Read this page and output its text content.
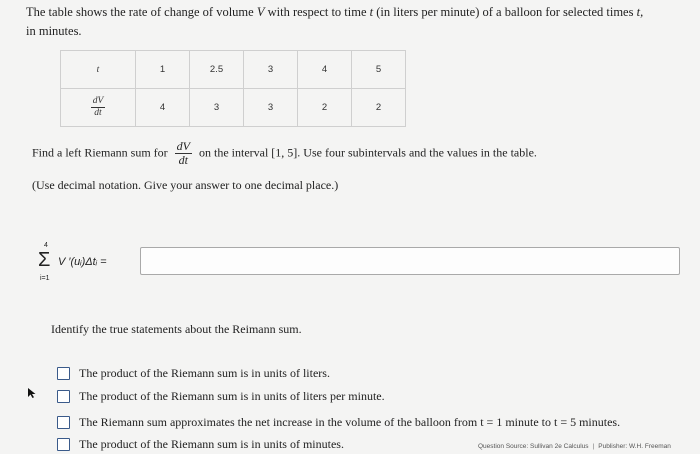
The table shows the rate of change of volume V with respect to time t (in liters per minute) of a balloon for selected times t,
in minutes.
t	1	2.5	3	4	5

$\frac{dV}{dt}$	4	3	3	2	2
Find a left Riemann sum for $\frac{dV}{dt}$ on the interval [1, 5]. Use four subintervals and the values in the table.
(Use decimal notation. Give your answer to one decimal place.)
4
Σ
i=1
V ′(uᵢ)Δtᵢ =
Identify the true statements about the Reimann sum.
The product of the Riemann sum is in units of liters.
The product of the Riemann sum is in units of liters per minute.
The Riemann sum approximates the net increase in the volume of the balloon from t = 1 minute to t = 5 minutes.
The product of the Riemann sum is in units of minutes.	Question Source: Sullivan 2e Calculus | Publisher: W.H. Freeman
